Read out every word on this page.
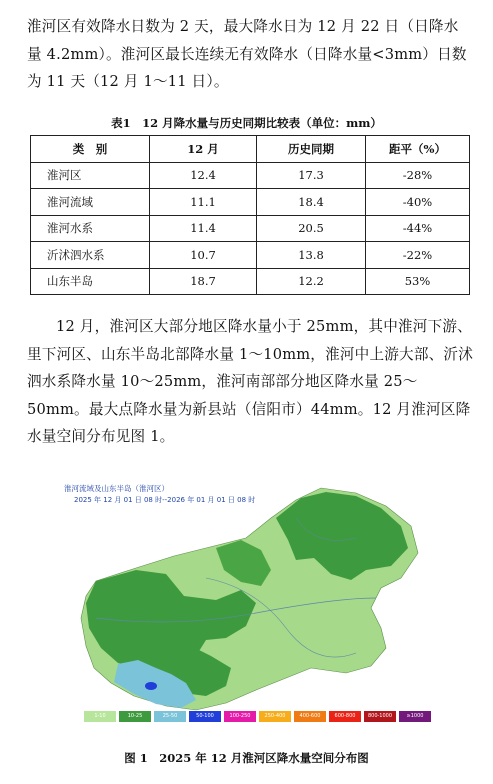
淮河区有效降水日数为 2 天，最大降水日为 12 月 22 日（日降水量 4.2mm）。淮河区最长连续无有效降水（日降水量<3mm）日数为 11 天（12 月 1～11 日）。

表1　12 月降水量与历史同期比较表（单位：mm）
类　别	12 月	历史同期	距平（%）
淮河区	12.4	17.3	-28%
淮河流域	11.1	18.4	-40%
淮河水系	11.4	20.5	-44%
沂沭泗水系	10.7	13.8	-22%
山东半岛	18.7	12.2	53%

12 月，淮河区大部分地区降水量小于 25mm，其中淮河下游、里下河区、山东半岛北部降水量 1～10mm，淮河中上游大部、沂沭泗水系降水量 10～25mm，淮河南部部分地区降水量 25～50mm。最大点降水量为新县站（信阳市）44mm。12 月淮河区降水量空间分布见图 1。

淮河流域及山东半岛（淮河区）
2025 年 12 月 01 日 08 时--2026 年 01 月 01 日 08 时
1-10	10-25	25-50	50-100	100-250	250-400	400-600	600-800	800-1000	≥1000
图 1　2025 年 12 月淮河区降水量空间分布图
